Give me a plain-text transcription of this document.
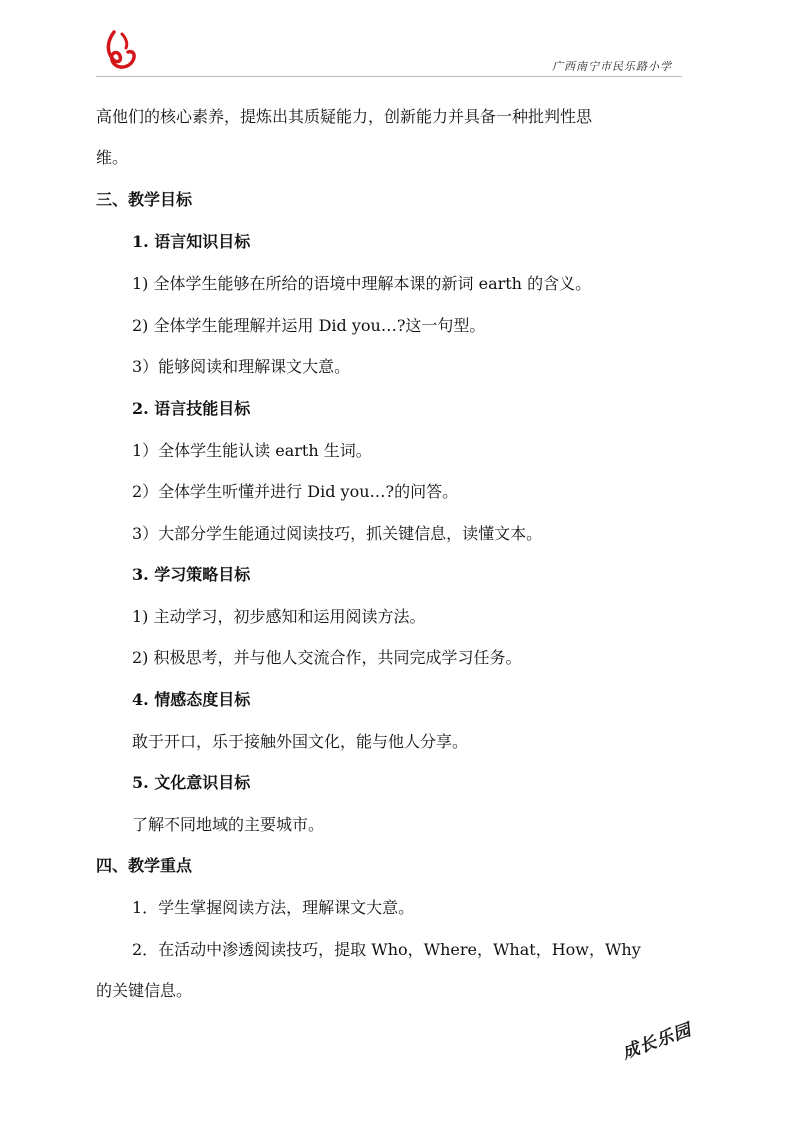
广西南宁市民乐路小学
高他们的核心素养，提炼出其质疑能力，创新能力并具备一种批判性思
维。
三、教学目标
1. 语言知识目标
1) 全体学生能够在所给的语境中理解本课的新词 earth 的含义。
2) 全体学生能理解并运用 Did you…?这一句型。
3）能够阅读和理解课文大意。
2. 语言技能目标
1）全体学生能认读 earth 生词。
2）全体学生听懂并进行 Did you…?的问答。
3）大部分学生能通过阅读技巧，抓关键信息，读懂文本。
3. 学习策略目标
1) 主动学习，初步感知和运用阅读方法。
2) 积极思考，并与他人交流合作，共同完成学习任务。
4. 情感态度目标
敢于开口，乐于接触外国文化，能与他人分享。
5. 文化意识目标
了解不同地域的主要城市。
四、教学重点
1．学生掌握阅读方法，理解课文大意。
2．在活动中渗透阅读技巧，提取 Who，Where，What，How，Why
的关键信息。
成长乐园
